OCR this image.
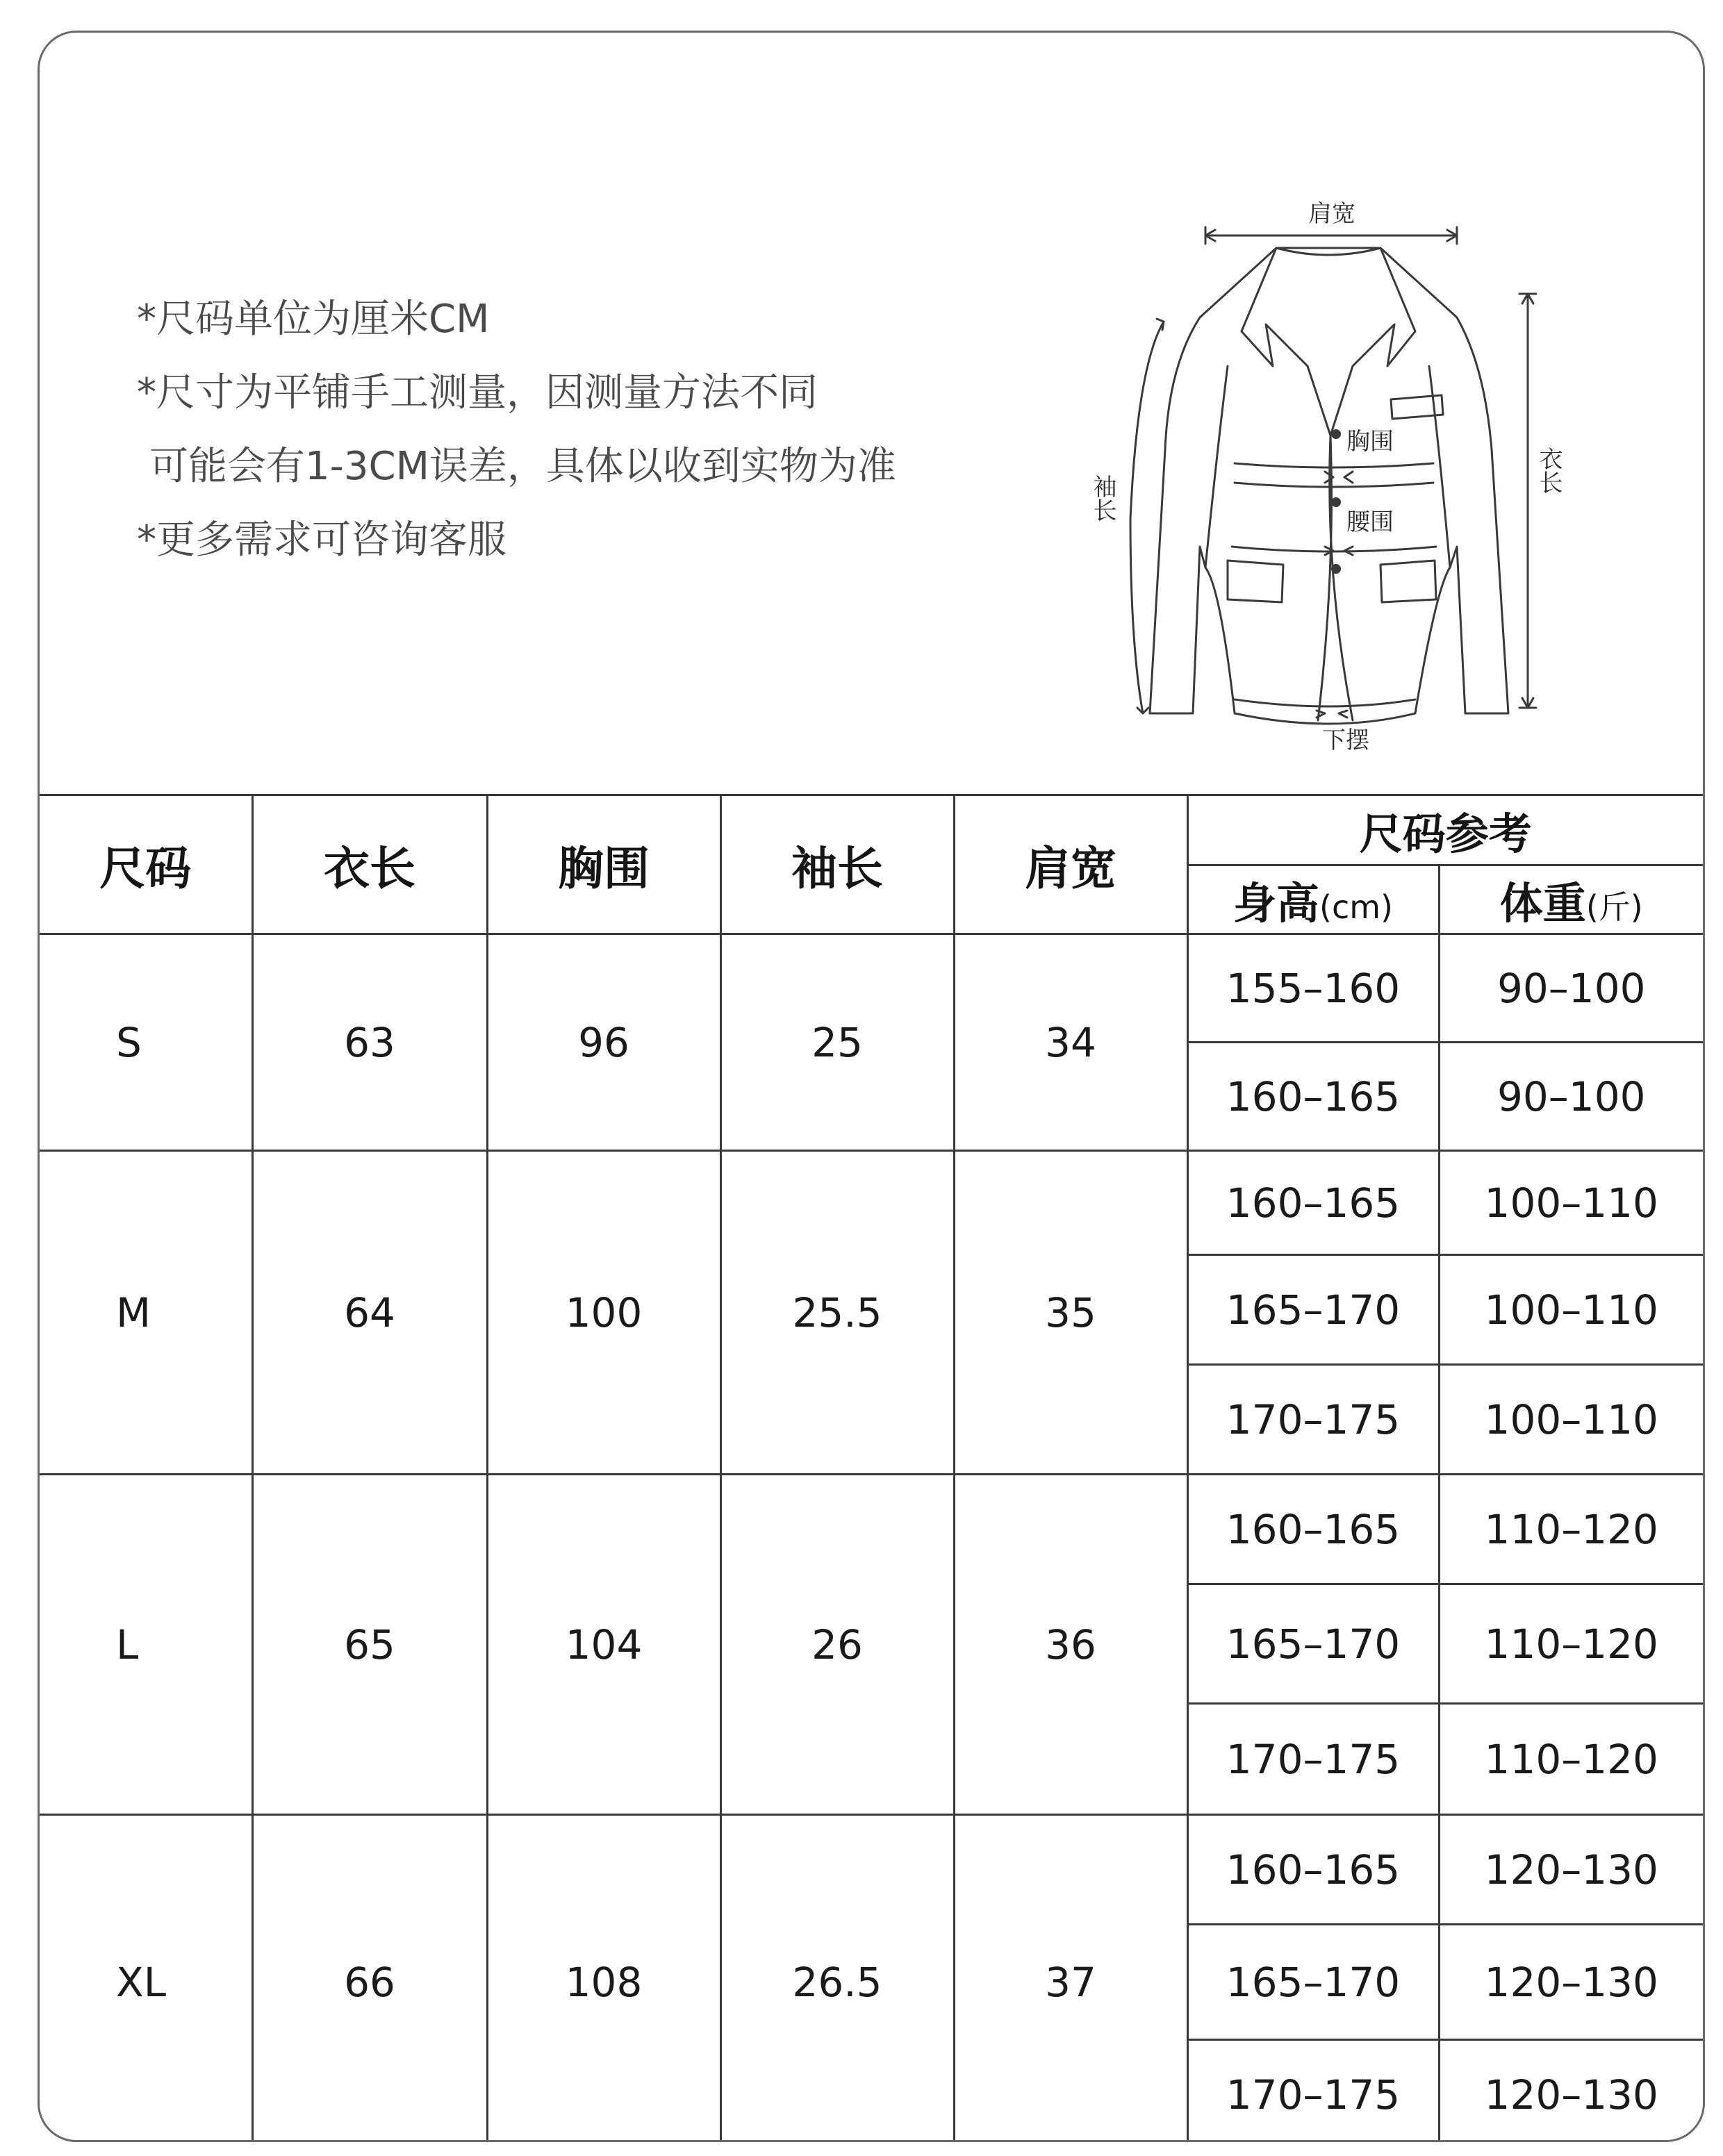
*尺码单位为厘米CM
*尺寸为平铺手工测量，因测量方法不同
可能会有1-3CM误差，具体以收到实物为准
*更多需求可咨询客服
肩宽
胸围
腰围
下摆
袖长
衣长
尺码	衣长	胸围	袖长	肩宽	尺码参考	
					身高(cm)	体重(斤)
S	63	96	25	34	155–160	90–100
					160–165	90–100
M	64	100	25.5	35	160–165	100–110
					165–170	100–110
					170–175	100–110
L	65	104	26	36	160–165	110–120
					165–170	110–120
					170–175	110–120
XL	66	108	26.5	37	160–165	120–130
					165–170	120–130
					170–175	120–130
